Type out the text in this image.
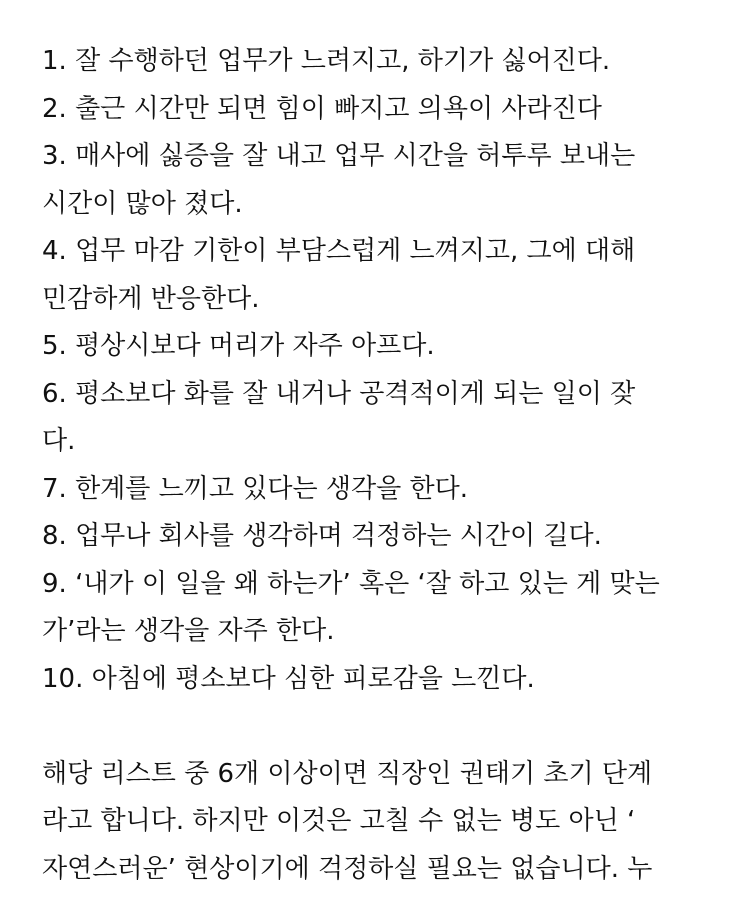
1. 잘 수행하던 업무가 느려지고, 하기가 싫어진다.
2. 출근 시간만 되면 힘이 빠지고 의욕이 사라진다
3. 매사에 싫증을 잘 내고 업무 시간을 허투루 보내는
시간이 많아 졌다.
4. 업무 마감 기한이 부담스럽게 느껴지고, 그에 대해
민감하게 반응한다.
5. 평상시보다 머리가 자주 아프다.
6. 평소보다 화를 잘 내거나 공격적이게 되는 일이 잦
다.
7. 한계를 느끼고 있다는 생각을 한다.
8. 업무나 회사를 생각하며 걱정하는 시간이 길다.
9. ‘내가 이 일을 왜 하는가’ 혹은 ‘잘 하고 있는 게 맞는
가’라는 생각을 자주 한다.
10. 아침에 평소보다 심한 피로감을 느낀다.
해당 리스트 중 6개 이상이면 직장인 권태기 초기 단계
라고 합니다. 하지만 이것은 고칠 수 없는 병도 아닌 ‘
자연스러운’ 현상이기에 걱정하실 필요는 없습니다. 누
